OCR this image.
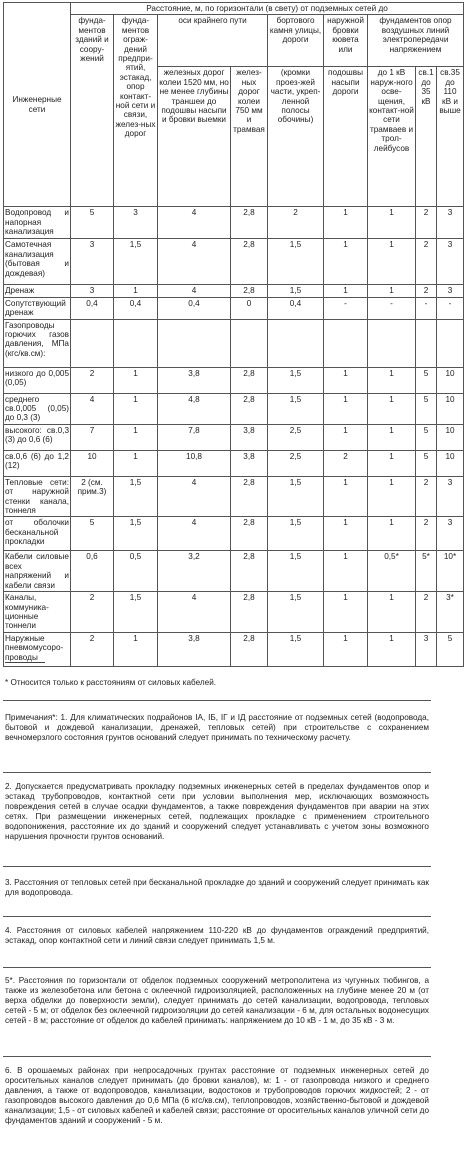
Инженерные сети	Расстояние, м, по горизонтали (в свету) от подземных сетей до								
	фунда-ментов зданий и соору-жений	фунда-ментов ограж-дений предпри-ятий, эстакад, опор контакт-ной сети и связи, желез-ных дорог	оси крайнего пути		бортового камня улицы, дороги	наружной бровки кювета или	фундаментов опор воздушных линий электропередачи напряжением		
			железных дорог колеи 1520 мм, но не менее глубины траншеи до подошвы насыпи и бровки выемки	желез-ных дорог колеи 750 мм и трамвая	(кромки проез-жей части, укреп-ленной полосы обочины)	подошвы насыпи дороги	до 1 кВ наруж-ного осве-щения, контакт-ной сети трамваев и трол-лейбусов	св.1 до 35 кВ	св.35 до 110 кВ и выше
Водопровод и напорная канализация	5	3	4	2,8	2	1	1	2	3
Самотечная канализация (бытовая и дождевая)	3	1,5	4	2,8	1,5	1	1	2	3
Дренаж	3	1	4	2,8	1,5	1	1	2	3
Сопутствующий дренаж	0,4	0,4	0,4	0	0,4	-	-	-	-
Газопроводы горючих газов давления, МПа (кгс/кв.см):									
низкого до 0,005 (0,05)	2	1	3,8	2,8	1,5	1	1	5	10
среднего св.0,005 (0,05) до 0,3 (3)	4	1	4,8	2,8	1,5	1	1	5	10
высокого: св.0,3 (3) до 0,6 (6)	7	1	7,8	3,8	2,5	1	1	5	10
св.0,6 (6) до 1,2 (12)	10	1	10,8	3,8	2,5	2	1	5	10
Тепловые сети: от наружной стенки канала, тоннеля	2 (см. прим.3)	1,5	4	2,8	1,5	1	1	2	3
от оболочки бесканальной прокладки	5	1,5	4	2,8	1,5	1	1	2	3
Кабели силовые всех напряжений и кабели связи	0,6	0,5	3,2	2,8	1,5	1	0,5*	5*	10*
Каналы, коммуника-ционные тоннели	2	1,5	4	2,8	1,5	1	1	2	3*
Наружные пневмомусоро-проводы	2	1	3,8	2,8	1,5	1	1	3	5
* Относится только к расстояниям от силовых кабелей.
Примечания*: 1. Для климатических подрайонов IА, IБ, IГ и IД расстояние от подземных сетей (водопровода, бытовой и дождевой канализации, дренажей, тепловых сетей) при строительстве с сохранением вечномерзлого состояния грунтов оснований следует принимать по техническому расчету.
2. Допускается предусматривать прокладку подземных инженерных сетей в пределах фундаментов опор и эстакад трубопроводов, контактной сети при условии выполнения мер, исключающих возможность повреждения сетей в случае осадки фундаментов, а также повреждения фундаментов при аварии на этих сетях. При размещении инженерных сетей, подлежащих прокладке с применением строительного водопонижения, расстояние их до зданий и сооружений следует устанавливать с учетом зоны возможного нарушения прочности грунтов оснований.
3. Расстояния от тепловых сетей при бесканальной прокладке до зданий и сооружений следует принимать как для водопровода.
4. Расстояния от силовых кабелей напряжением 110-220 кВ до фундаментов ограждений предприятий, эстакад, опор контактной сети и линий связи следует принимать 1,5 м.
5*. Расстояния по горизонтали от обделок подземных сооружений метрополитена из чугунных тюбингов, а также из железобетона или бетона с оклеечной гидроизоляцией, расположенных на глубине менее 20 м (от верха обделки до поверхности земли), следует принимать до сетей канализации, водопровода, тепловых сетей - 5 м; от обделок без оклеечной гидроизоляции до сетей канализации - 6 м, для остальных водонесущих сетей - 8 м; расстояние от обделок до кабелей принимать: напряжением до 10 кВ - 1 м, до 35 кВ - 3 м.
6. В орошаемых районах при непросадочных грунтах расстояние от подземных инженерных сетей до оросительных каналов следует принимать (до бровки каналов), м: 1 - от газопровода низкого и среднего давления, а также от водопроводов, канализации, водостоков и трубопроводов горючих жидкостей; 2 - от газопроводов высокого давления до 0,6 МПа (6 кгс/кв.см), теплопроводов, хозяйственно-бытовой и дождевой канализации; 1,5 - от силовых кабелей и кабелей связи; расстояние от оросительных каналов уличной сети до фундаментов зданий и сооружений - 5 м.
